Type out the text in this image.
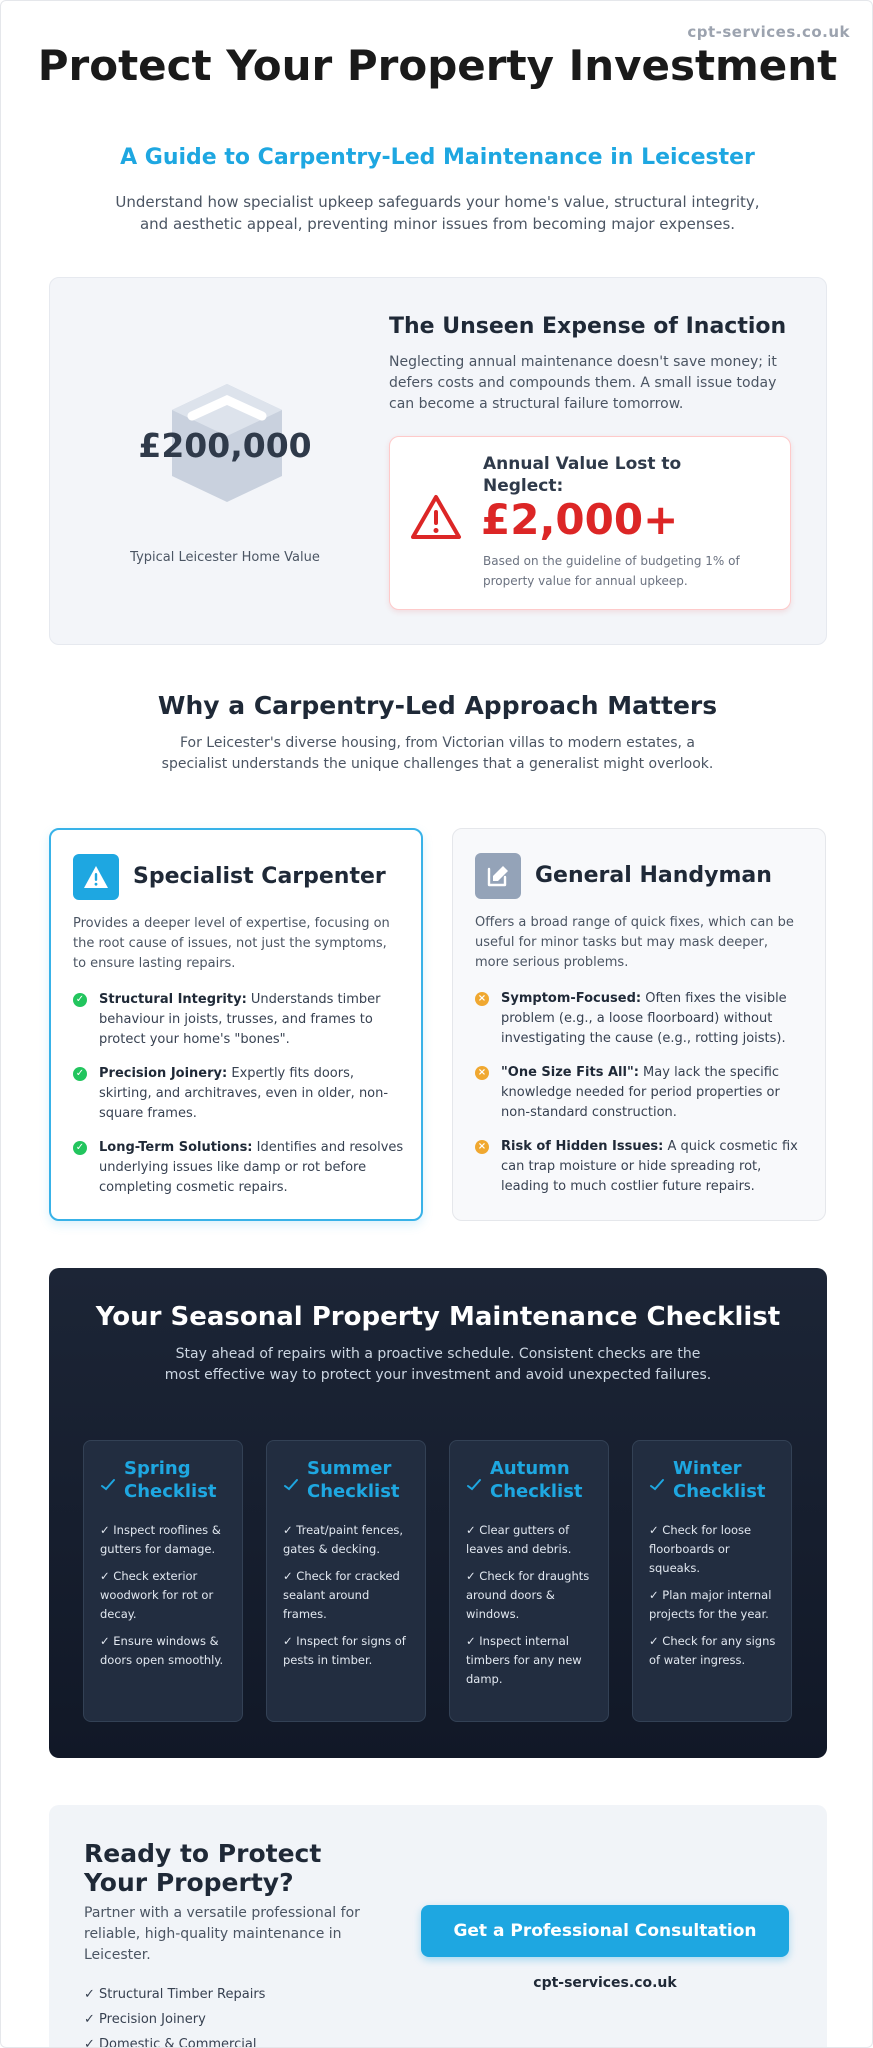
cpt-services.co.uk
Protect Your Property Investment
A Guide to Carpentry-Led Maintenance in Leicester

Understand how specialist upkeep safeguards your home's value, structural integrity, and aesthetic appeal, preventing minor issues from becoming major expenses.

£200,000
Typical Leicester Home Value
The Unseen Expense of Inaction

Neglecting annual maintenance doesn't save money; it defers costs and compounds them. A small issue today can become a structural failure tomorrow.

Annual Value Lost to Neglect:
£2,000+

Based on the guideline of budgeting 1% of property value for annual upkeep.

Why a Carpentry-Led Approach Matters

For Leicester's diverse housing, from Victorian villas to modern estates, a specialist understands the unique challenges that a generalist might overlook.

Specialist Carpenter

Provides a deeper level of expertise, focusing on the root cause of issues, not just the symptoms, to ensure lasting repairs.

✓ Structural Integrity: Understands timber behaviour in joists, trusses, and frames to protect your home's "bones".
✓ Precision Joinery: Expertly fits doors, skirting, and architraves, even in older, non-square frames.
✓ Long-Term Solutions: Identifies and resolves underlying issues like damp or rot before completing cosmetic repairs.
General Handyman

Offers a broad range of quick fixes, which can be useful for minor tasks but may mask deeper, more serious problems.

× Symptom-Focused: Often fixes the visible problem (e.g., a loose floorboard) without investigating the cause (e.g., rotting joists).
× "One Size Fits All": May lack the specific knowledge needed for period properties or non-standard construction.
× Risk of Hidden Issues: A quick cosmetic fix can trap moisture or hide spreading rot, leading to much costlier future repairs.
Your Seasonal Property Maintenance Checklist

Stay ahead of repairs with a proactive schedule. Consistent checks are the most effective way to protect your investment and avoid unexpected failures.

Spring Checklist
✓ Inspect rooflines & gutters for damage.
✓ Check exterior woodwork for rot or decay.
✓ Ensure windows & doors open smoothly.
Summer Checklist
✓ Treat/paint fences, gates & decking.
✓ Check for cracked sealant around frames.
✓ Inspect for signs of pests in timber.
Autumn Checklist
✓ Clear gutters of leaves and debris.
✓ Check for draughts around doors & windows.
✓ Inspect internal timbers for any new damp.
Winter Checklist
✓ Check for loose floorboards or squeaks.
✓ Plan major internal projects for the year.
✓ Check for any signs of water ingress.
Ready to Protect Your Property?

Partner with a versatile professional for reliable, high-quality maintenance in Leicester.

✓ Structural Timber Repairs
✓ Precision Joinery
✓ Domestic & Commercial
Get a Professional Consultation
cpt-services.co.uk
